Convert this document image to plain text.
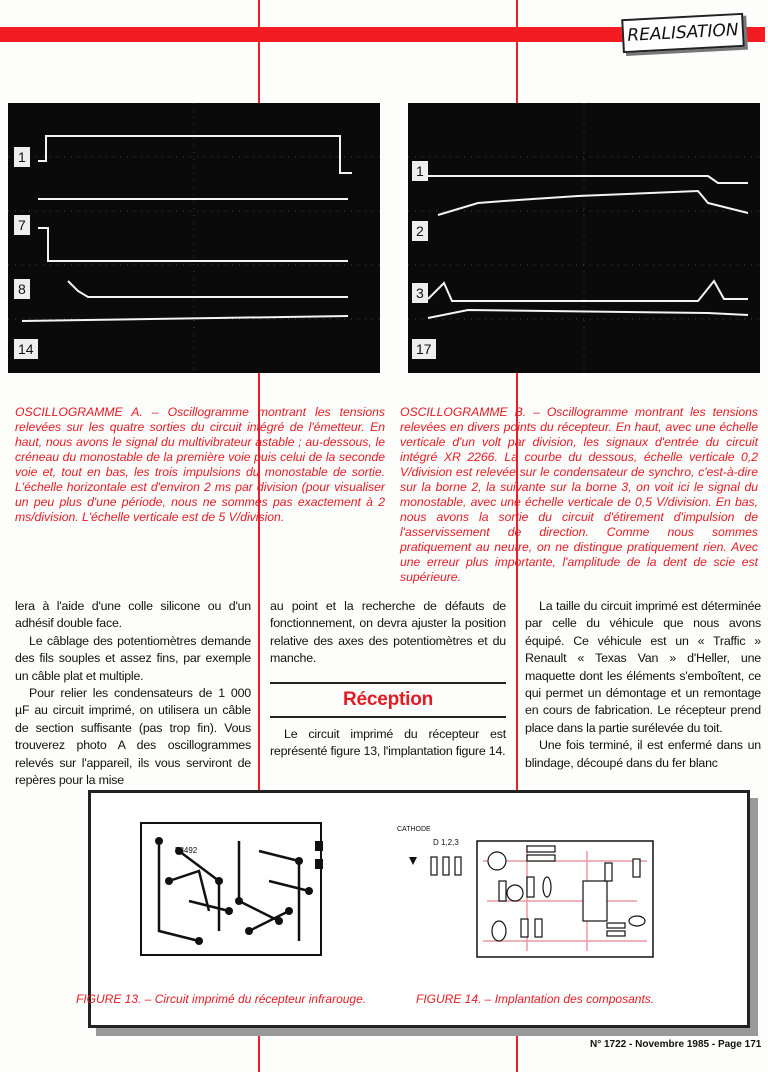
REALISATION
1
7
8
14
1
2
3
17
OSCILLOGRAMME A. – Oscillogramme montrant les tensions relevées sur les quatre sorties du circuit intégré de l'émetteur. En haut, nous avons le signal du multivibrateur astable ; au-dessous, le créneau du monostable de la première voie puis celui de la seconde voie et, tout en bas, les trois impulsions du monostable de sortie. L'échelle horizontale est d'environ 2 ms par division (pour visualiser un peu plus d'une période, nous ne sommes pas exactement à 2 ms/division. L'échelle verticale est de 5 V/division.
OSCILLOGRAMME B. – Oscillogramme montrant les tensions relevées en divers points du récepteur. En haut, avec une échelle verticale d'un volt par division, les signaux d'entrée du circuit intégré XR 2266. La courbe du dessous, échelle verticale 0,2 V/division est relevée sur le condensateur de synchro, c'est-à-dire sur la borne 2, la suivante sur la borne 3, on voit ici le signal du monostable, avec une échelle verticale de 0,5 V/division. En bas, nous avons la sortie du circuit d'étirement d'impulsion de l'asservissement de direction. Comme nous sommes pratiquement au neutre, on ne distingue pratiquement rien. Avec une erreur plus importante, l'amplitude de la dent de scie est supérieure.

lera à l'aide d'une colle silicone ou d'un adhésif double face.

Le câblage des potentiomètres demande des fils souples et assez fins, par exemple un câble plat et multiple.

Pour relier les condensateurs de 1 000 µF au circuit imprimé, on utilisera un câble de section suffisante (pas trop fin). Vous trouverez photo A des oscillogrammes relevés sur l'appareil, ils vous serviront de repères pour la mise

au point et la recherche de défauts de fonctionnement, on devra ajuster la position relative des axes des potentiomètres et du manche.

Réception

Le circuit imprimé du récepteur est représenté figure 13, l'implantation figure 14.

La taille du circuit imprimé est déterminée par celle du véhicule que nous avons équipé. Ce véhicule est un « Traffic » Renault « Texas Van » d'Heller, une maquette dont les éléments s'emboîtent, ce qui permet un démontage et un remontage en cours de fabrication. Le récepteur prend place dans la partie surélevée du toit.

Une fois terminé, il est enfermé dans un blindage, découpé dans du fer blanc

58492
CATHODE
D 1,2,3
FIGURE 13. – Circuit imprimé du récepteur infrarouge.	FIGURE 14. – Implantation des composants.
N° 1722 - Novembre 1985 - Page 171
